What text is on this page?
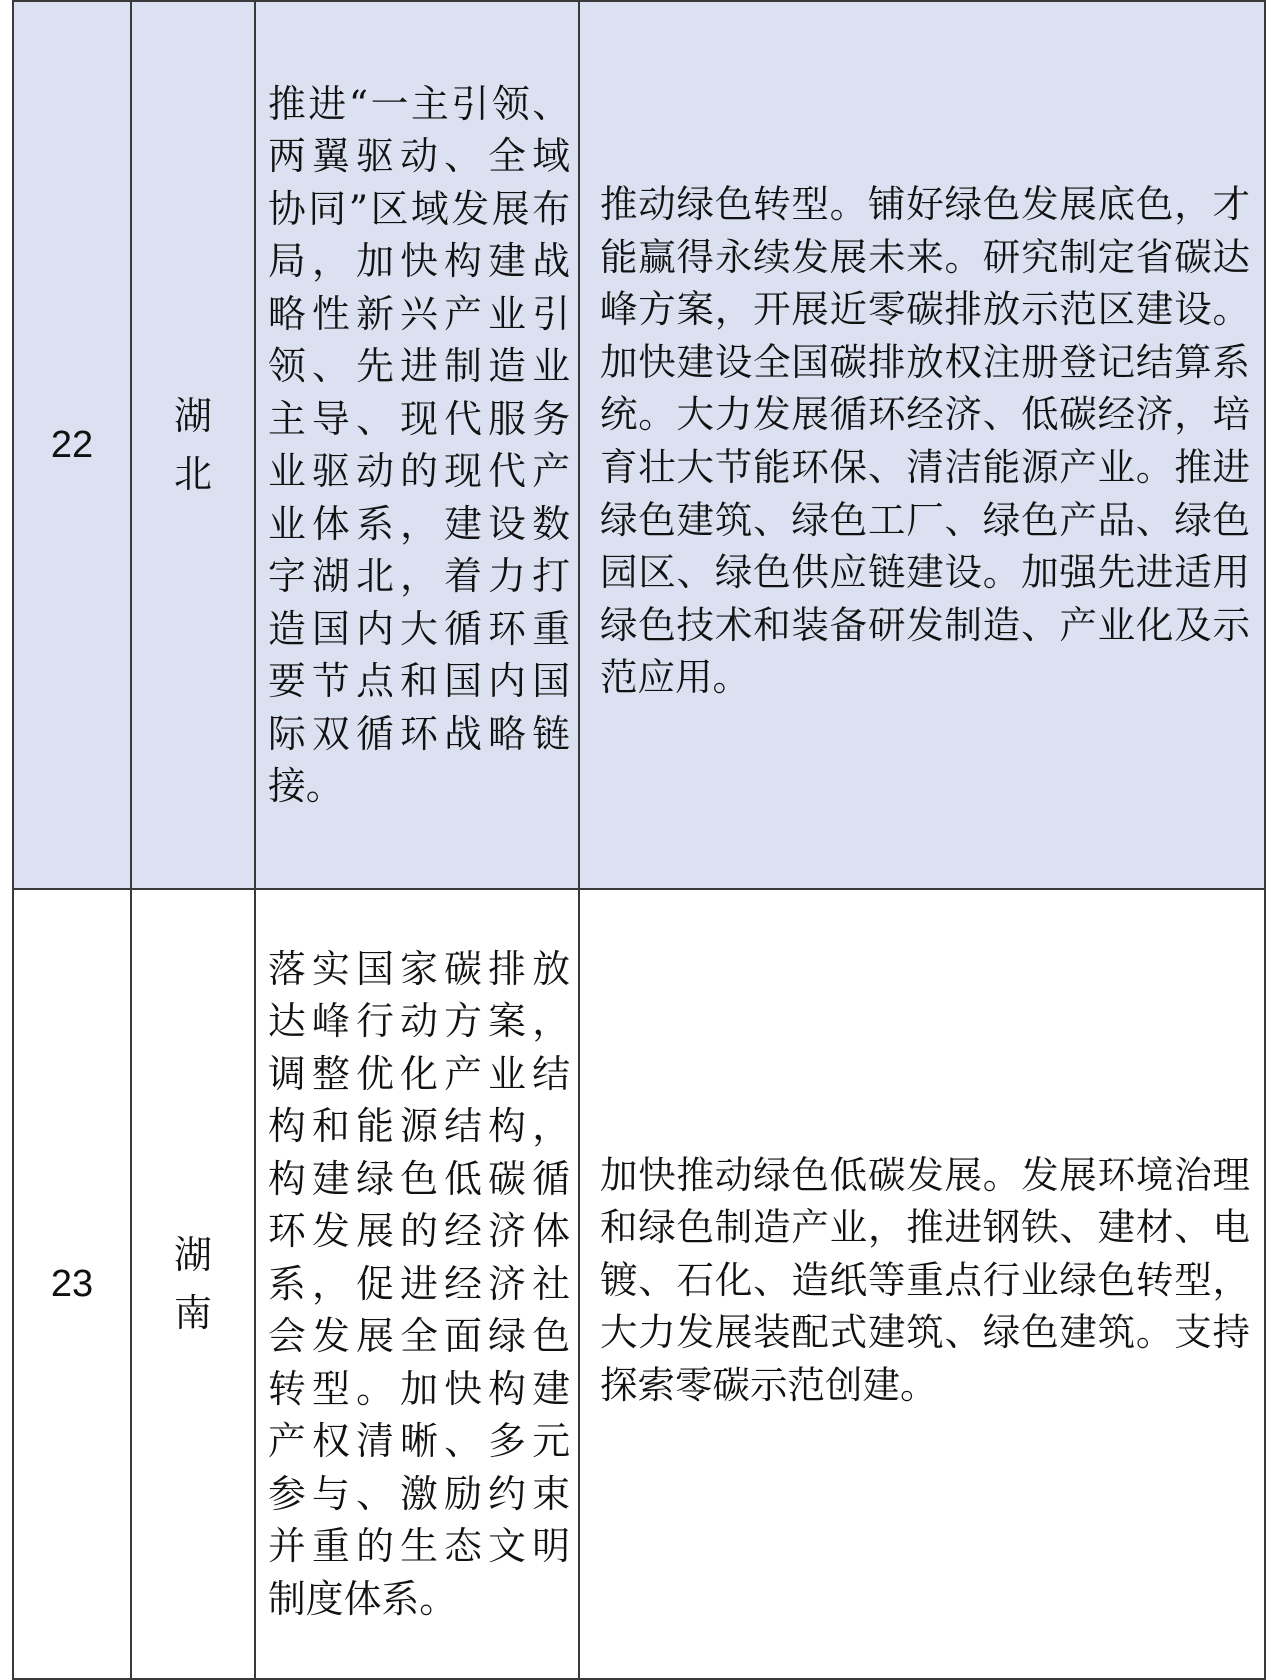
22	湖北	推进“一主引领、两翼驱动、全域协同”区域发展布局，加快构建战略性新兴产业引领、先进制造业主导、现代服务业驱动的现代产业体系，建设数字湖北，着力打造国内大循环重要节点和国内国际双循环战略链接。	推动绿色转型。铺好绿色发展底色，才能赢得永续发展未来。研究制定省碳达峰方案，开展近零碳排放示范区建设。加快建设全国碳排放权注册登记结算系统。大力发展循环经济、低碳经济，培育壮大节能环保、清洁能源产业。推进绿色建筑、绿色工厂、绿色产品、绿色园区、绿色供应链建设。加强先进适用绿色技术和装备研发制造、产业化及示范应用。

23	湖南	落实国家碳排放达峰行动方案，调整优化产业结构和能源结构，构建绿色低碳循环发展的经济体系，促进经济社会发展全面绿色转型。加快构建产权清晰、多元参与、激励约束并重的生态文明制度体系。	加快推动绿色低碳发展。发展环境治理和绿色制造产业，推进钢铁、建材、电镀、石化、造纸等重点行业绿色转型，大力发展装配式建筑、绿色建筑。支持探索零碳示范创建。
